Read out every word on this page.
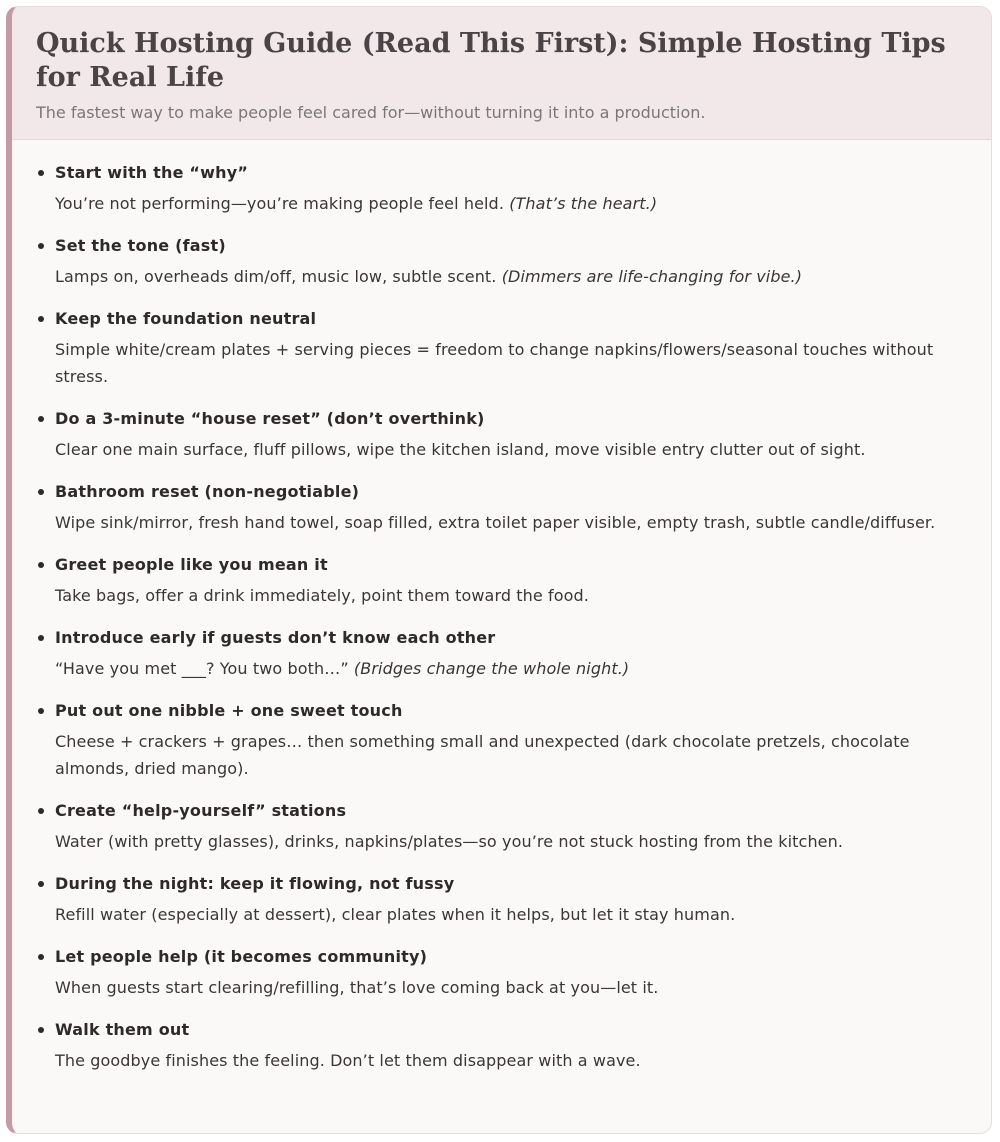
Quick Hosting Guide (Read This First): Simple Hosting Tips for Real Life

The fastest way to make people feel cared for—without turning it into a production.

Start with the “why”
You’re not performing—you’re making people feel held. (That’s the heart.)
Set the tone (fast)
Lamps on, overheads dim/off, music low, subtle scent. (Dimmers are life-changing for vibe.)
Keep the foundation neutral
Simple white/cream plates + serving pieces = freedom to change napkins/flowers/seasonal touches without stress.
Do a 3-minute “house reset” (don’t overthink)
Clear one main surface, fluff pillows, wipe the kitchen island, move visible entry clutter out of sight.
Bathroom reset (non-negotiable)
Wipe sink/mirror, fresh hand towel, soap filled, extra toilet paper visible, empty trash, subtle candle/diffuser.
Greet people like you mean it
Take bags, offer a drink immediately, point them toward the food.
Introduce early if guests don’t know each other
“Have you met ___? You two both…” (Bridges change the whole night.)
Put out one nibble + one sweet touch
Cheese + crackers + grapes… then something small and unexpected (dark chocolate pretzels, chocolate almonds, dried mango).
Create “help-yourself” stations
Water (with pretty glasses), drinks, napkins/plates—so you’re not stuck hosting from the kitchen.
During the night: keep it flowing, not fussy
Refill water (especially at dessert), clear plates when it helps, but let it stay human.
Let people help (it becomes community)
When guests start clearing/refilling, that’s love coming back at you—let it.
Walk them out
The goodbye finishes the feeling. Don’t let them disappear with a wave.
